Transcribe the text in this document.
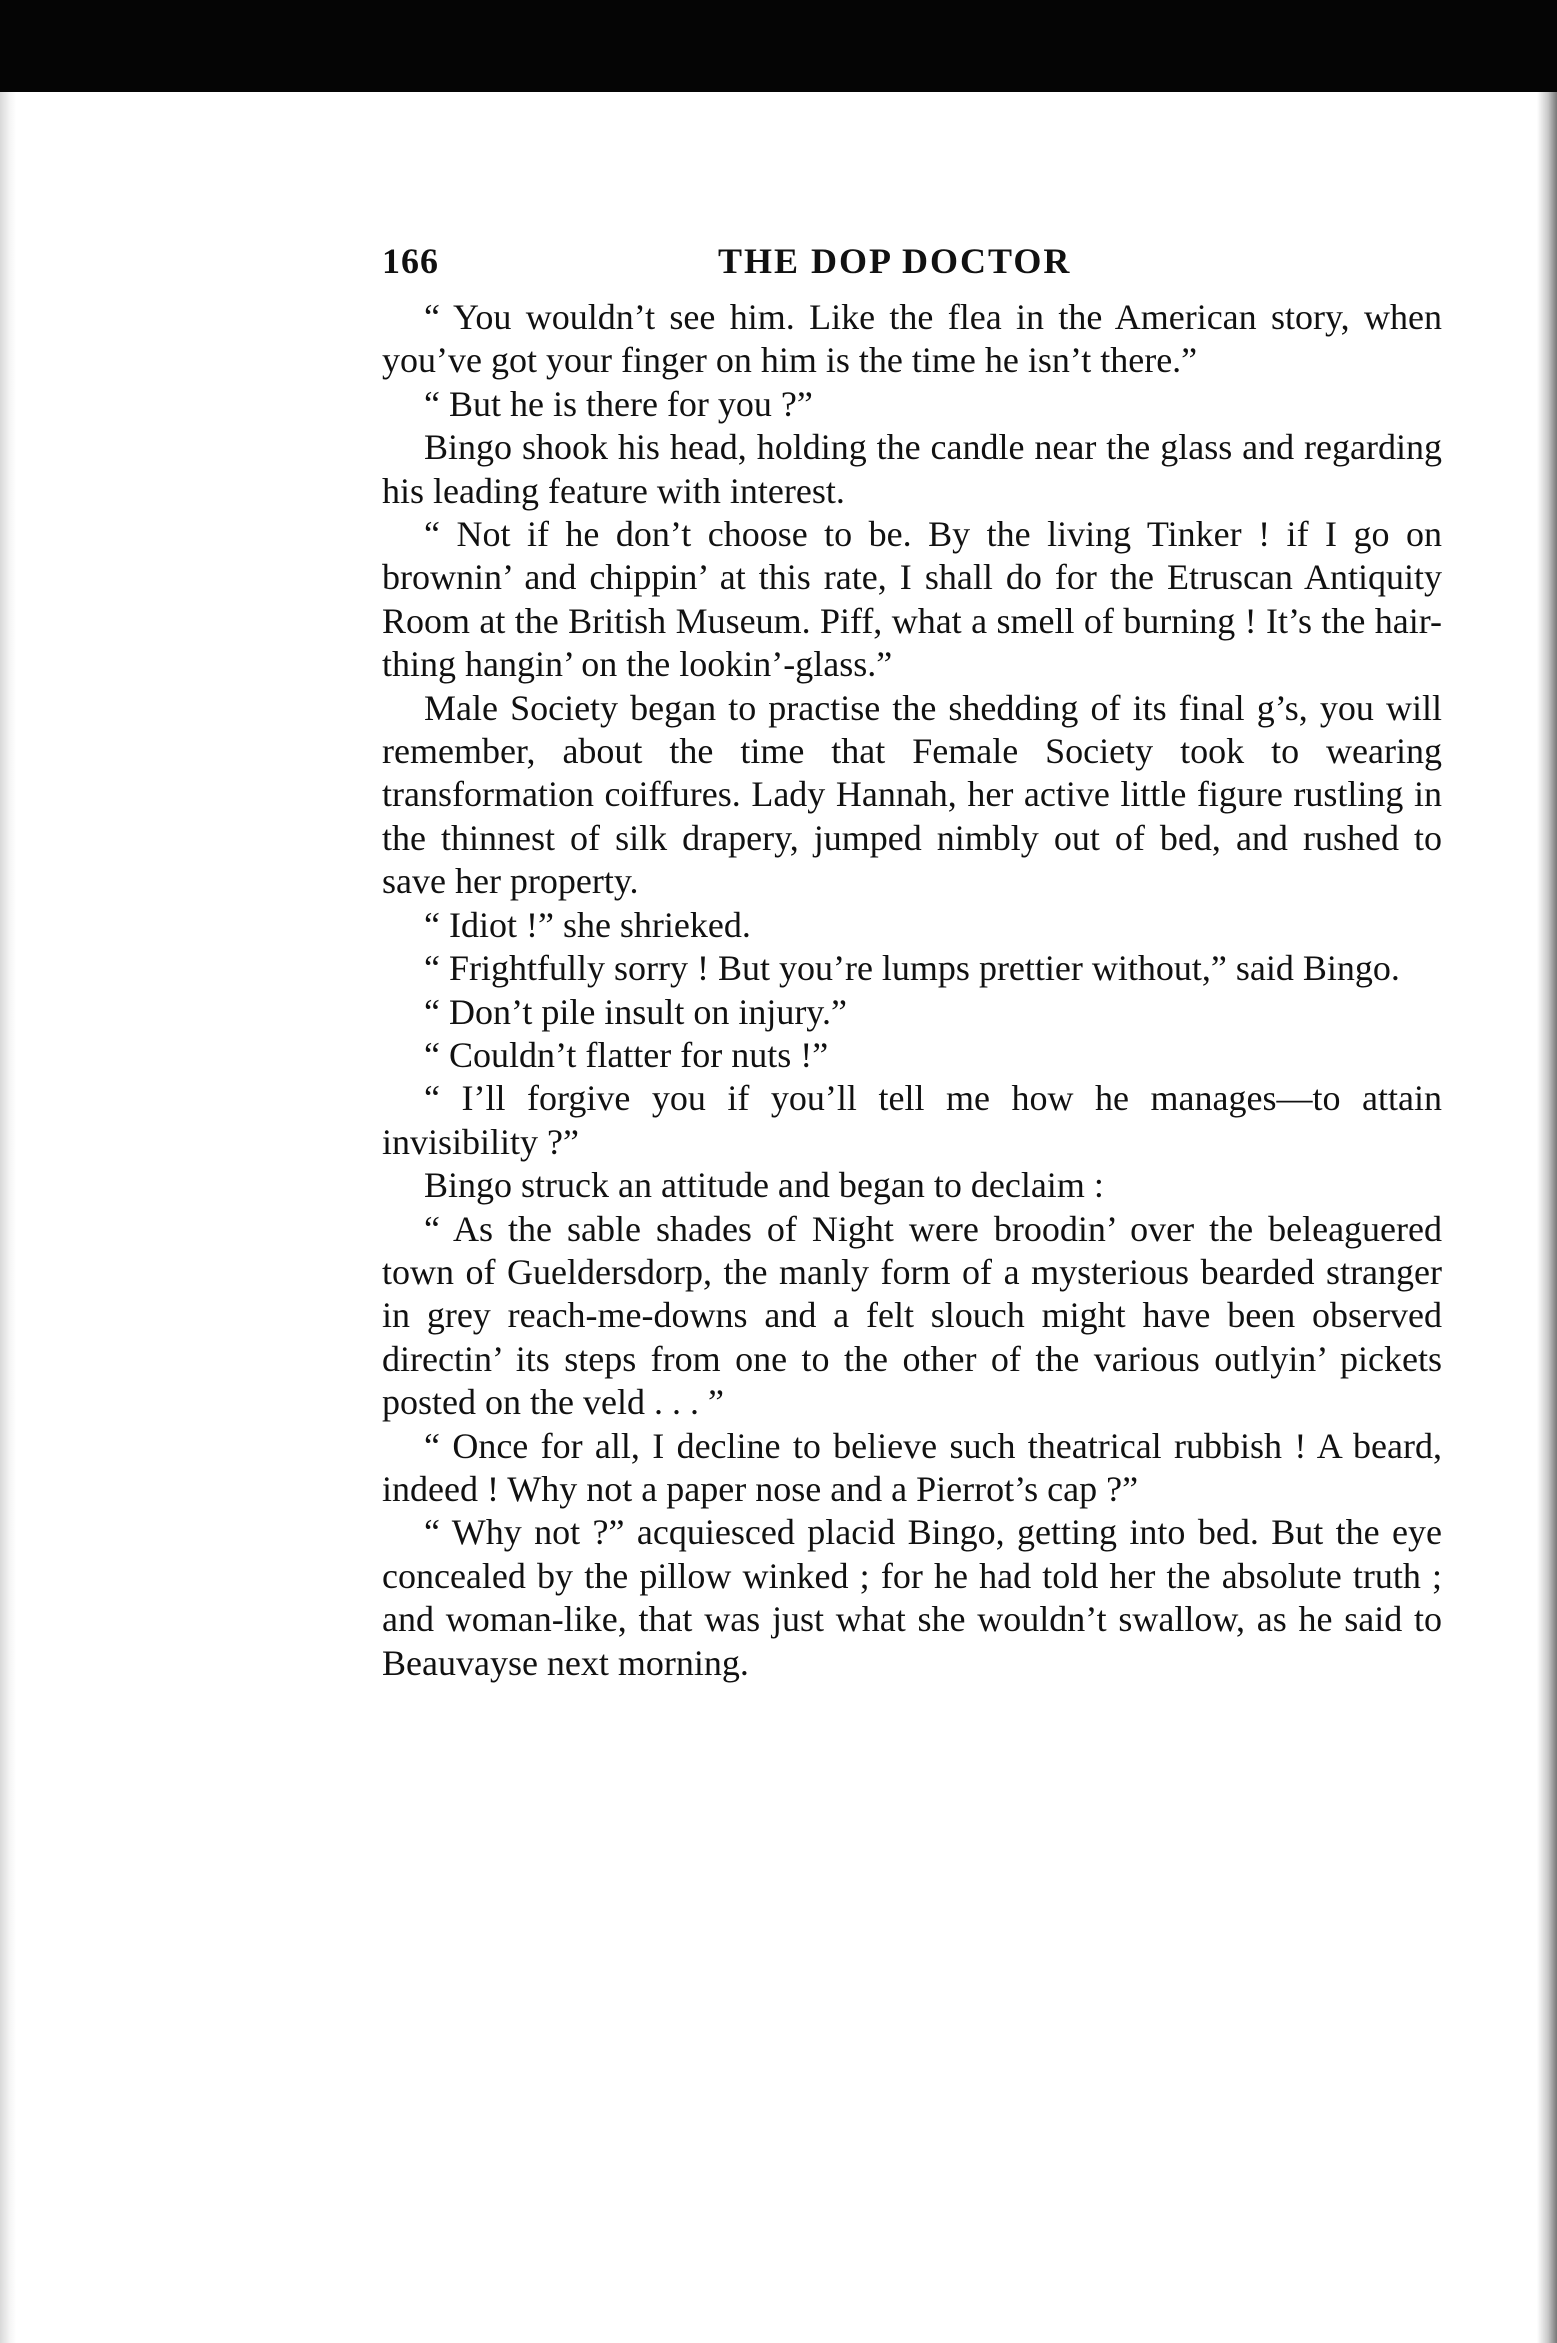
166	THE DOP DOCTOR

“ You wouldn’t see him. Like the flea in the American story, when you’ve got your finger on him is the time he isn’t there.”

“ But he is there for you ?”

Bingo shook his head, holding the candle near the glass and regarding his leading feature with interest.

“ Not if he don’t choose to be. By the living Tinker ! if I go on brownin’ and chippin’ at this rate, I shall do for the Etruscan Antiquity Room at the British Museum. Piff, what a smell of burning ! It’s the hair-thing hangin’ on the lookin’-glass.”

Male Society began to practise the shedding of its final g’s, you will remember, about the time that Female Society took to wearing transformation coiffures. Lady Hannah, her active little figure rustling in the thinnest of silk drapery, jumped nimbly out of bed, and rushed to save her property.

“ Idiot !” she shrieked.

“ Frightfully sorry ! But you’re lumps prettier without,” said Bingo.

“ Don’t pile insult on injury.”

“ Couldn’t flatter for nuts !”

“ I’ll forgive you if you’ll tell me how he manages—to attain invisibility ?”

Bingo struck an attitude and began to declaim :

“ As the sable shades of Night were broodin’ over the beleaguered town of Gueldersdorp, the manly form of a mysterious bearded stranger in grey reach-me-downs and a felt slouch might have been observed directin’ its steps from one to the other of the various outlyin’ pickets posted on the veld . . . ”

“ Once for all, I decline to believe such theatrical rubbish ! A beard, indeed ! Why not a paper nose and a Pierrot’s cap ?”

“ Why not ?” acquiesced placid Bingo, getting into bed. But the eye concealed by the pillow winked ; for he had told her the absolute truth ; and woman-like, that was just what she wouldn’t swallow, as he said to Beauvayse next morning.
